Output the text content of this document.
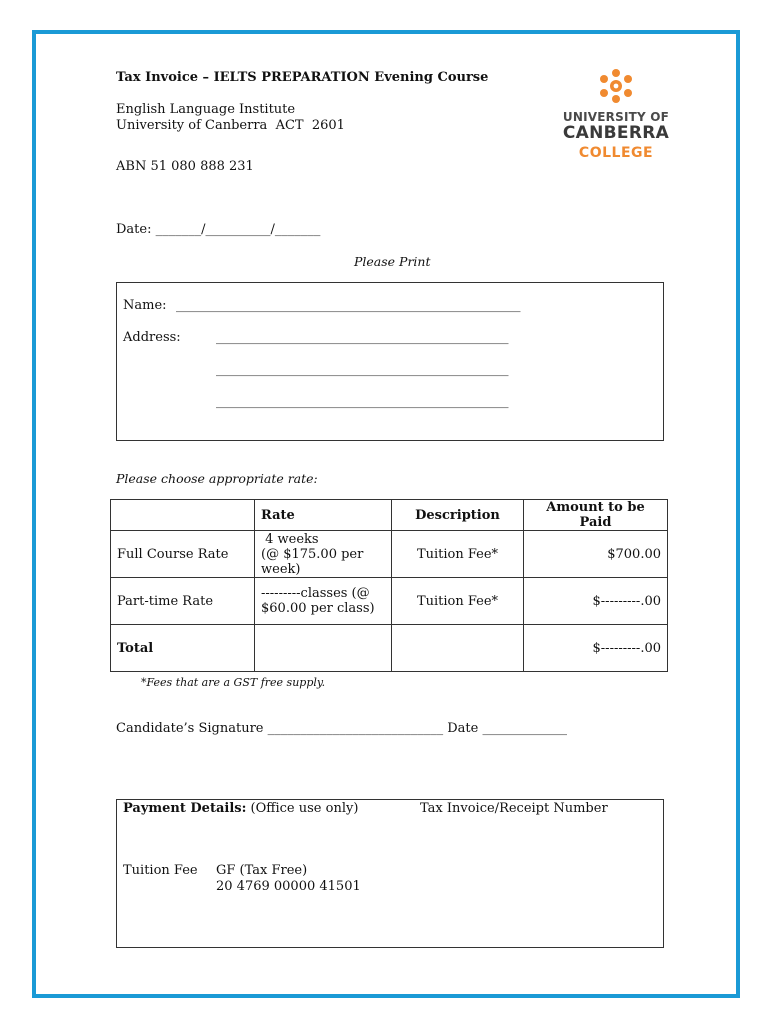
Tax Invoice – IELTS PREPARATION Evening Course
English Language Institute
University of Canberra  ACT  2601
ABN 51 080 888 231
UNIVERSITY OF
CANBERRA
COLLEGE
Date: _______/__________/_______
Please Print
Name: _____________________________________________________
Address:	_____________________________________________
_____________________________________________
_____________________________________________
Please choose appropriate rate:
	Rate	Description	Amount to be Paid
Full Course Rate	4 weeks
(@ $175.00 per
week)	Tuition Fee*	$700.00
Part-time Rate	---------classes (@
$60.00 per class)	Tuition Fee*	$---------.00
Total			$---------.00
*Fees that are a GST free supply.
Candidate’s Signature ___________________________ Date _____________
Payment Details: (Office use only)	Tax Invoice/Receipt Number
Tuition Fee GF (Tax Free)
20 4769 00000 41501
